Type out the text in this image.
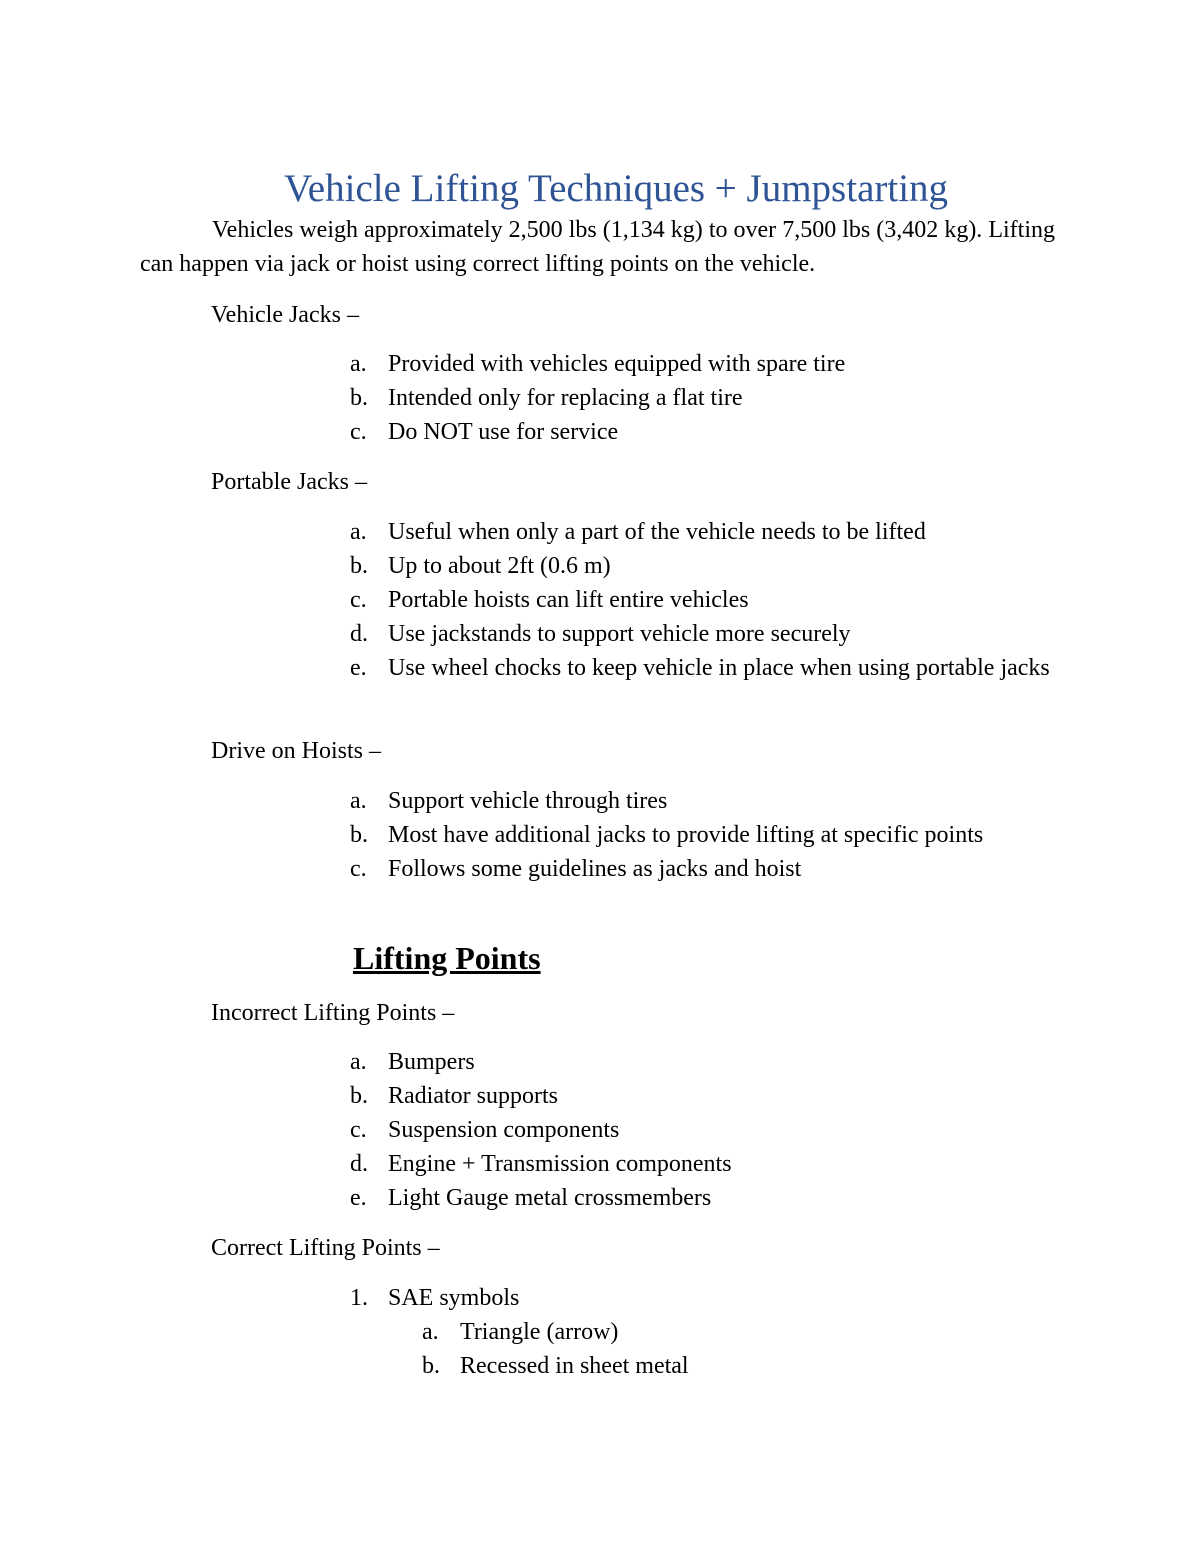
Vehicle Lifting Techniques + Jumpstarting

Vehicles weigh approximately 2,500 lbs (1,134 kg) to over 7,500 lbs (3,402 kg). Lifting can happen via jack or hoist using correct lifting points on the vehicle.

Vehicle Jacks –

a. Provided with vehicles equipped with spare tire
b. Intended only for replacing a flat tire
c. Do NOT use for service

Portable Jacks –

a. Useful when only a part of the vehicle needs to be lifted
b. Up to about 2ft (0.6 m)
c. Portable hoists can lift entire vehicles
d. Use jackstands to support vehicle more securely
e. Use wheel chocks to keep vehicle in place when using portable jacks

Drive on Hoists –

a. Support vehicle through tires
b. Most have additional jacks to provide lifting at specific points
c. Follows some guidelines as jacks and hoist
Lifting Points

Incorrect Lifting Points –

a. Bumpers
b. Radiator supports
c. Suspension components
d. Engine + Transmission components
e. Light Gauge metal crossmembers

Correct Lifting Points –

1. SAE symbols
a. Triangle (arrow)
b. Recessed in sheet metal
